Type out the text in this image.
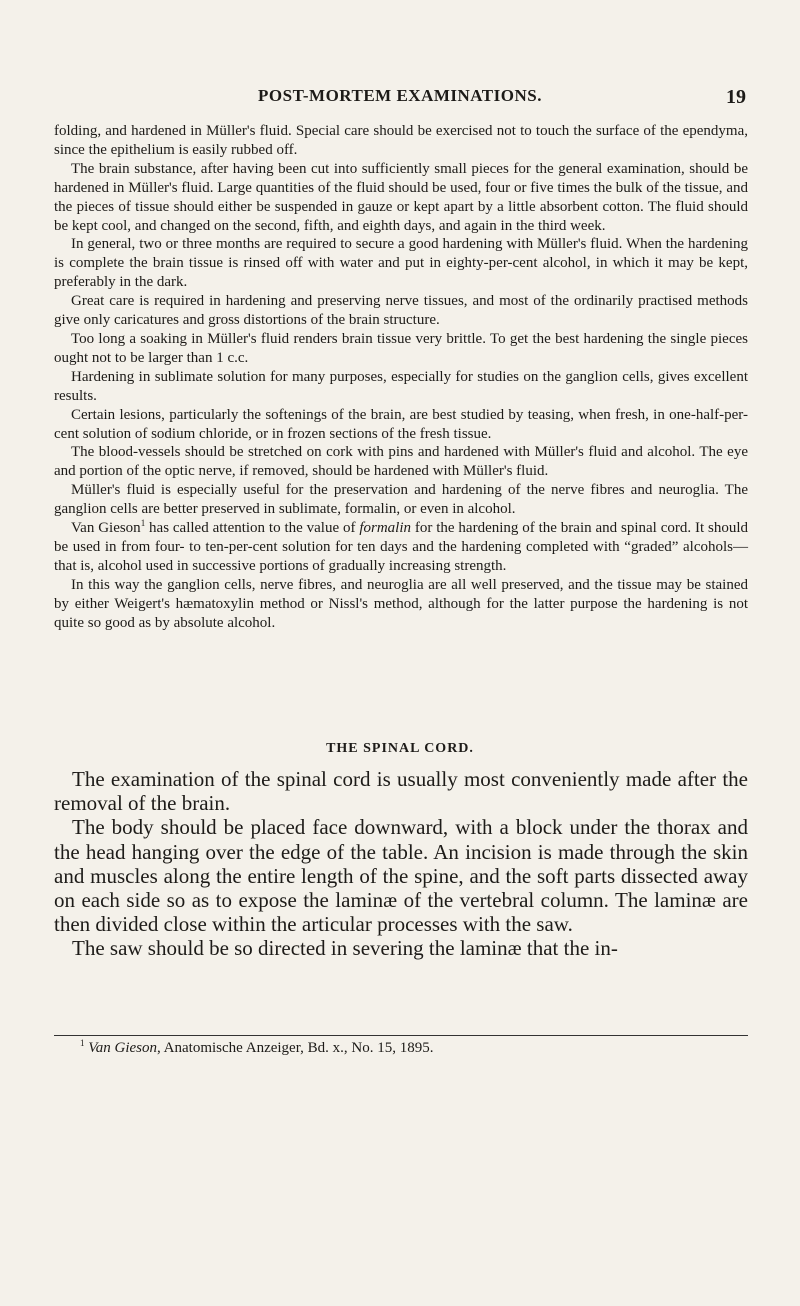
POST-MORTEM EXAMINATIONS.	19

folding, and hardened in Müller's fluid. Special care should be exercised not to touch the surface of the ependyma, since the epithelium is easily rubbed off.

The brain substance, after having been cut into sufficiently small pieces for the general examination, should be hardened in Müller's fluid. Large quantities of the fluid should be used, four or five times the bulk of the tissue, and the pieces of tissue should either be suspended in gauze or kept apart by a little absorbent cotton. The fluid should be kept cool, and changed on the second, fifth, and eighth days, and again in the third week.

In general, two or three months are required to secure a good hardening with Müller's fluid. When the hardening is complete the brain tissue is rinsed off with water and put in eighty-per-cent alcohol, in which it may be kept, preferably in the dark.

Great care is required in hardening and preserving nerve tissues, and most of the ordinarily practised methods give only caricatures and gross distortions of the brain structure.

Too long a soaking in Müller's fluid renders brain tissue very brittle. To get the best hardening the single pieces ought not to be larger than 1 c.c.

Hardening in sublimate solution for many purposes, especially for studies on the ganglion cells, gives excellent results.

Certain lesions, particularly the softenings of the brain, are best studied by teasing, when fresh, in one-half-per-cent solution of sodium chloride, or in frozen sections of the fresh tissue.

The blood-vessels should be stretched on cork with pins and hardened with Müller's fluid and alcohol. The eye and portion of the optic nerve, if removed, should be hardened with Müller's fluid.

Müller's fluid is especially useful for the preservation and hardening of the nerve fibres and neuroglia. The ganglion cells are better preserved in sublimate, formalin, or even in alcohol.

Van Gieson$^1$ has called attention to the value of formalin for the hardening of the brain and spinal cord. It should be used in from four- to ten-per-cent solution for ten days and the hardening completed with “graded” alcohols—that is, alcohol used in successive portions of gradually increasing strength.

In this way the ganglion cells, nerve fibres, and neuroglia are all well preserved, and the tissue may be stained by either Weigert's hæmatoxylin method or Nissl's method, although for the latter purpose the hardening is not quite so good as by absolute alcohol.

THE SPINAL CORD.

The examination of the spinal cord is usually most conveniently made after the removal of the brain.

The body should be placed face downward, with a block under the thorax and the head hanging over the edge of the table. An incision is made through the skin and muscles along the entire length of the spine, and the soft parts dissected away on each side so as to expose the laminæ of the vertebral column. The laminæ are then divided close within the articular processes with the saw.

The saw should be so directed in severing the laminæ that the in-

$^1$ Van Gieson, Anatomische Anzeiger, Bd. x., No. 15, 1895.
